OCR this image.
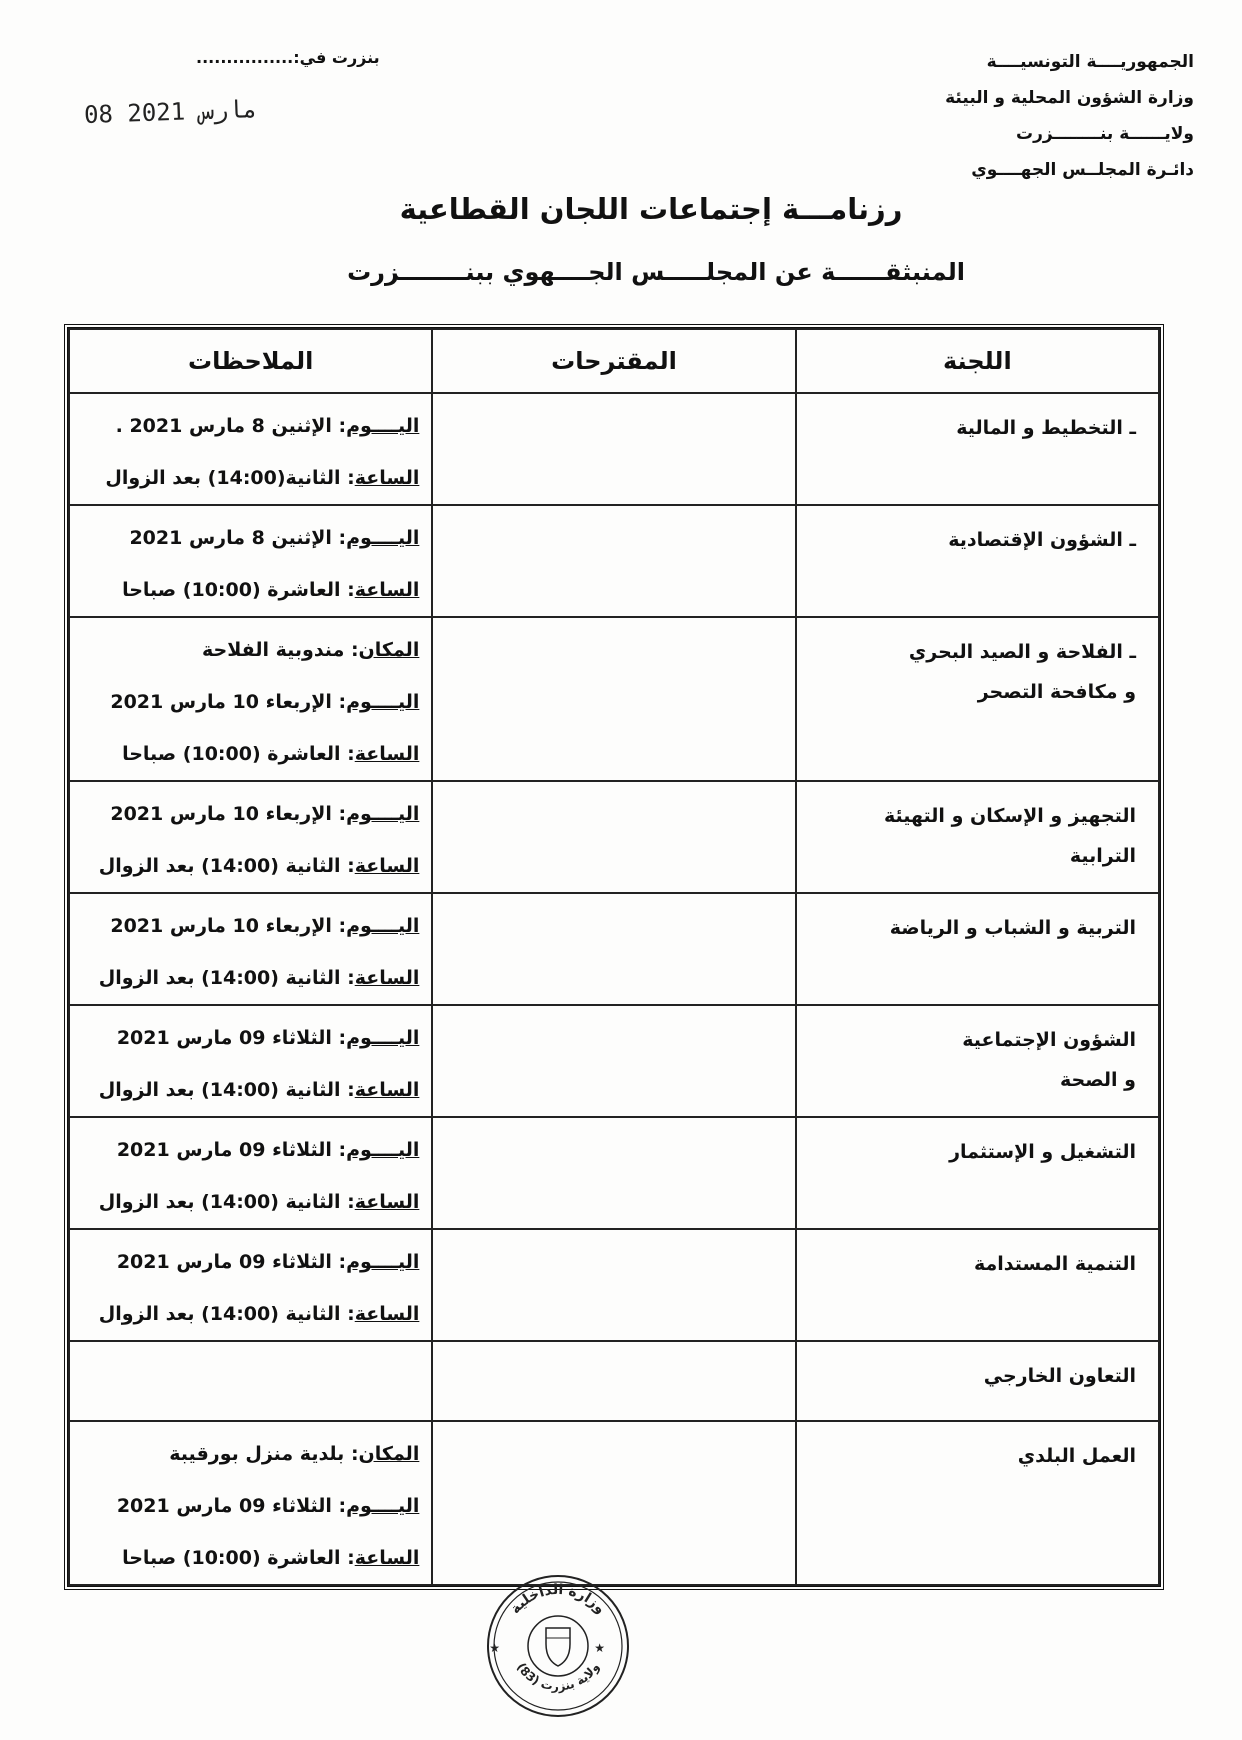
الجمهوريــــة التونسيــــة
وزارة الشؤون المحلية و البيئة
ولايــــــة بنــــــــزرت
دائـرة المجلــس الجهــــوي
بنزرت في:................
08 مارس 2021
رزنامـــة إجتماعات اللجان القطاعية
المنبثقــــــة عن المجلـــــس الجــــهوي ببنــــــــزرت
اللجنة	المقترحات	الملاحظات

ـ التخطيط و المالية		اليــــوم: الإثنين 8 مارس 2021 .
الساعة: الثانية(14:00) بعد الزوال

ـ الشؤون الإقتصادية		اليــــوم: الإثنين 8 مارس 2021
الساعة: العاشرة (10:00) صباحا

ـ الفلاحة و الصيد البحري
و مكافحة التصحر		المكان: مندوبية الفلاحة
اليــــوم: الإربعاء 10 مارس 2021
الساعة: العاشرة (10:00) صباحا

التجهيز و الإسكان و التهيئة
الترابية		اليــــوم: الإربعاء 10 مارس 2021
الساعة: الثانية (14:00) بعد الزوال

التربية و الشباب و الرياضة		اليــــوم: الإربعاء 10 مارس 2021
الساعة: الثانية (14:00) بعد الزوال

الشؤون الإجتماعية
و الصحة		اليــــوم: الثلاثاء 09 مارس 2021
الساعة: الثانية (14:00) بعد الزوال

التشغيل و الإستثمار		اليــــوم: الثلاثاء 09 مارس 2021
الساعة: الثانية (14:00) بعد الزوال

التنمية المستدامة		اليــــوم: الثلاثاء 09 مارس 2021
الساعة: الثانية (14:00) بعد الزوال

التعاون الخارجي		

العمل البلدي		المكان: بلدية منزل بورقيبة
اليــــوم: الثلاثاء 09 مارس 2021
الساعة: العاشرة (10:00) صباحا
★	★
وزارة الداخلية
ولاية بنزرت (83)
